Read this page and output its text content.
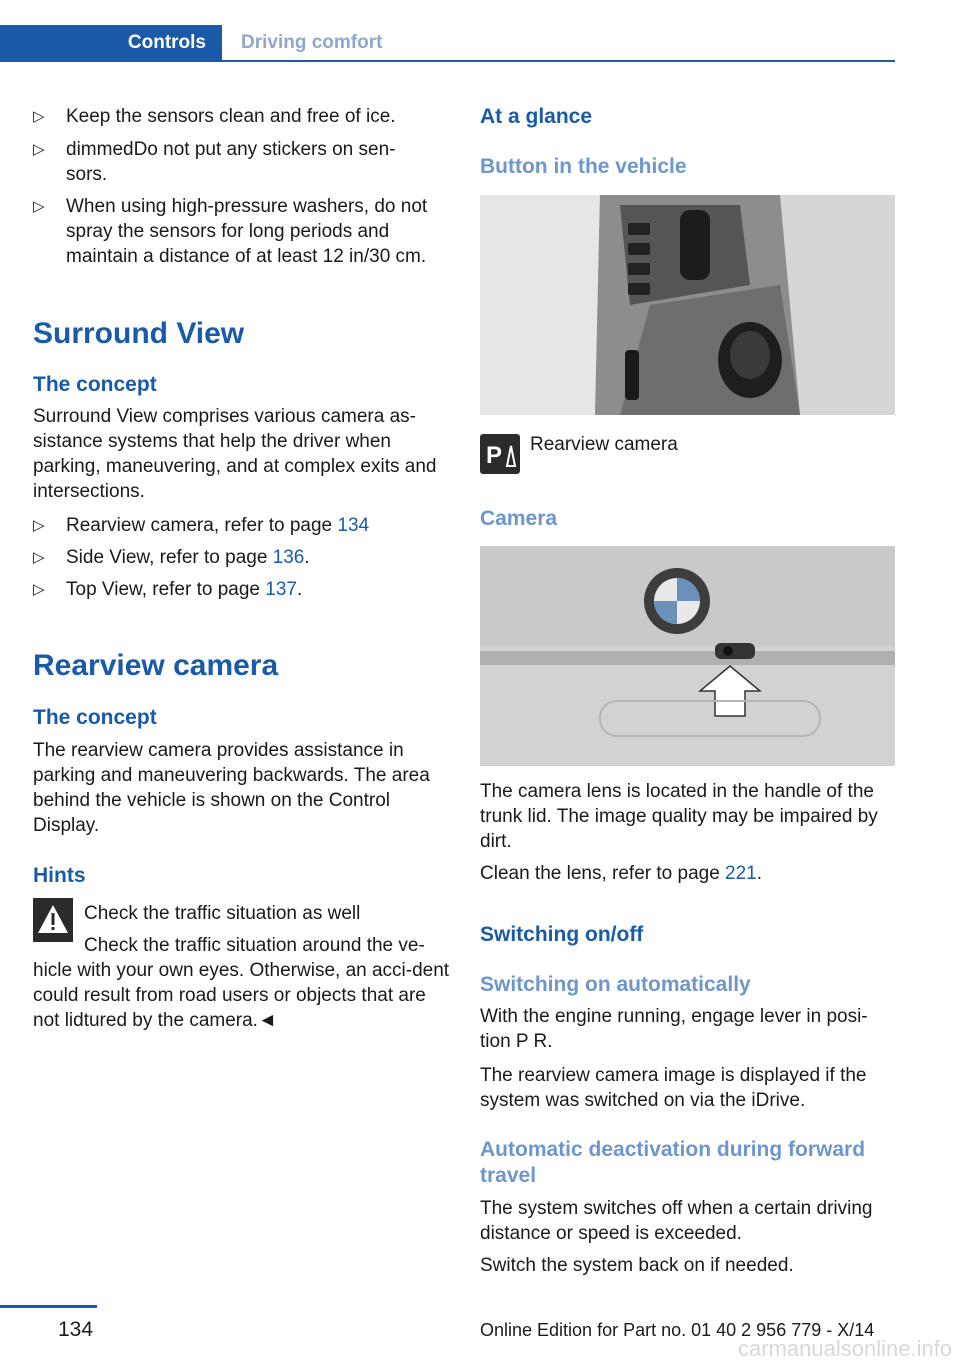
Controls	Driving comfort
▷ Keep the sensors clean and free of ice.
▷ dimmedDo not put any stickers on sen-
sors.
▷ When using high-pressure washers, do not spray the sensors for long periods and maintain a distance of at least 12 in/30 cm.
Surround View
The concept
Surround View comprises various camera as-sistance systems that help the driver when parking, maneuvering, and at complex exits and intersections.
▷ Rearview camera, refer to page 134
▷ Side View, refer to page 136.
▷ Top View, refer to page 137.
Rearview camera
The concept
The rearview camera provides assistance in parking and maneuvering backwards. The area behind the vehicle is shown on the Control Display.
Hints
Check the traffic situation as well
Check the traffic situation around the ve-
hicle with your own eyes. Otherwise, an acci-dent could result from road users or objects that are not lidtured by the camera.◄
At a glance
Button in the vehicle
P Rearview camera
Camera
The camera lens is located in the handle of the trunk lid. The image quality may be impaired by dirt.
Clean the lens, refer to page 221.
Switching on/off
Switching on automatically
With the engine running, engage lever in posi-tion P R.
The rearview camera image is displayed if the system was switched on via the iDrive.
Automatic deactivation during forward travel
The system switches off when a certain driving distance or speed is exceeded.
Switch the system back on if needed.
134	Online Edition for Part no. 01 40 2 956 779 - X/14
carmanualsonline.info
